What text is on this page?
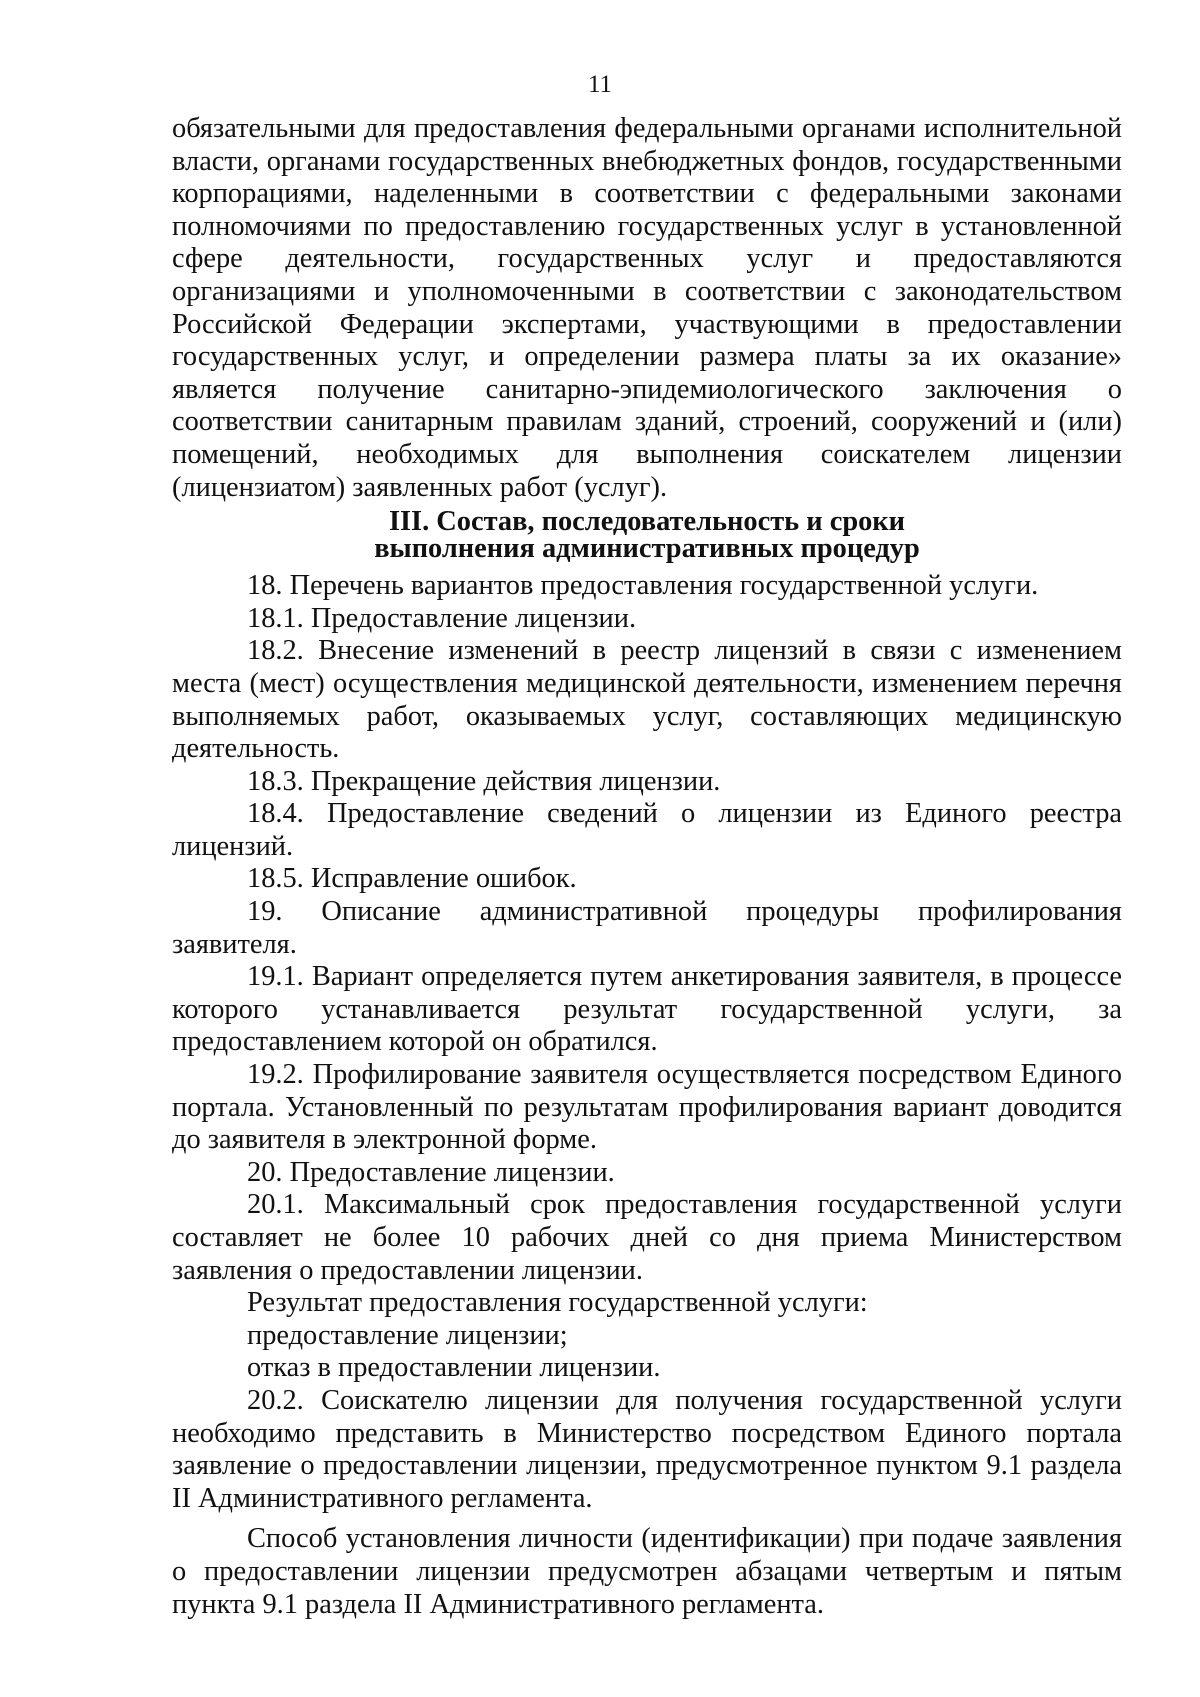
11

обязательными для предоставления федеральными органами исполнительной власти, органами государственных внебюджетных фондов, государственными корпорациями, наделенными в соответствии с федеральными законами полномочиями по предоставлению государственных услуг в установленной сфере деятельности, государственных услуг и предоставляются организациями и уполномоченными в соответствии с законодательством Российской Федерации экспертами, участвующими в предоставлении государственных услуг, и определении размера платы за их оказание» является получение санитарно-эпидемиологического заключения о соответствии санитарным правилам зданий, строений, сооружений и (или) помещений, необходимых для выполнения соискателем лицензии (лицензиатом) заявленных работ (услуг).

III. Состав, последовательность и сроки
выполнения административных процедур

18. Перечень вариантов предоставления государственной услуги.

18.1. Предоставление лицензии.

18.2. Внесение изменений в реестр лицензий в связи с изменением места (мест) осуществления медицинской деятельности, изменением перечня выполняемых работ, оказываемых услуг, составляющих медицинскую деятельность.

18.3. Прекращение действия лицензии.

18.4. Предоставление сведений о лицензии из Единого реестра лицензий.

18.5. Исправление ошибок.

19. Описание административной процедуры профилирования заявителя.

19.1. Вариант определяется путем анкетирования заявителя, в процессе которого устанавливается результат государственной услуги, за предоставлением которой он обратился.

19.2. Профилирование заявителя осуществляется посредством Единого портала. Установленный по результатам профилирования вариант доводится до заявителя в электронной форме.

20. Предоставление лицензии.

20.1. Максимальный срок предоставления государственной услуги составляет не более 10 рабочих дней со дня приема Министерством заявления о предоставлении лицензии.

Результат предоставления государственной услуги:

предоставление лицензии;

отказ в предоставлении лицензии.

20.2. Соискателю лицензии для получения государственной услуги необходимо представить в Министерство посредством Единого портала заявление о предоставлении лицензии, предусмотренное пунктом 9.1 раздела II Административного регламента.

Способ установления личности (идентификации) при подаче заявления о предоставлении лицензии предусмотрен абзацами четвертым и пятым пункта 9.1 раздела II Административного регламента.
